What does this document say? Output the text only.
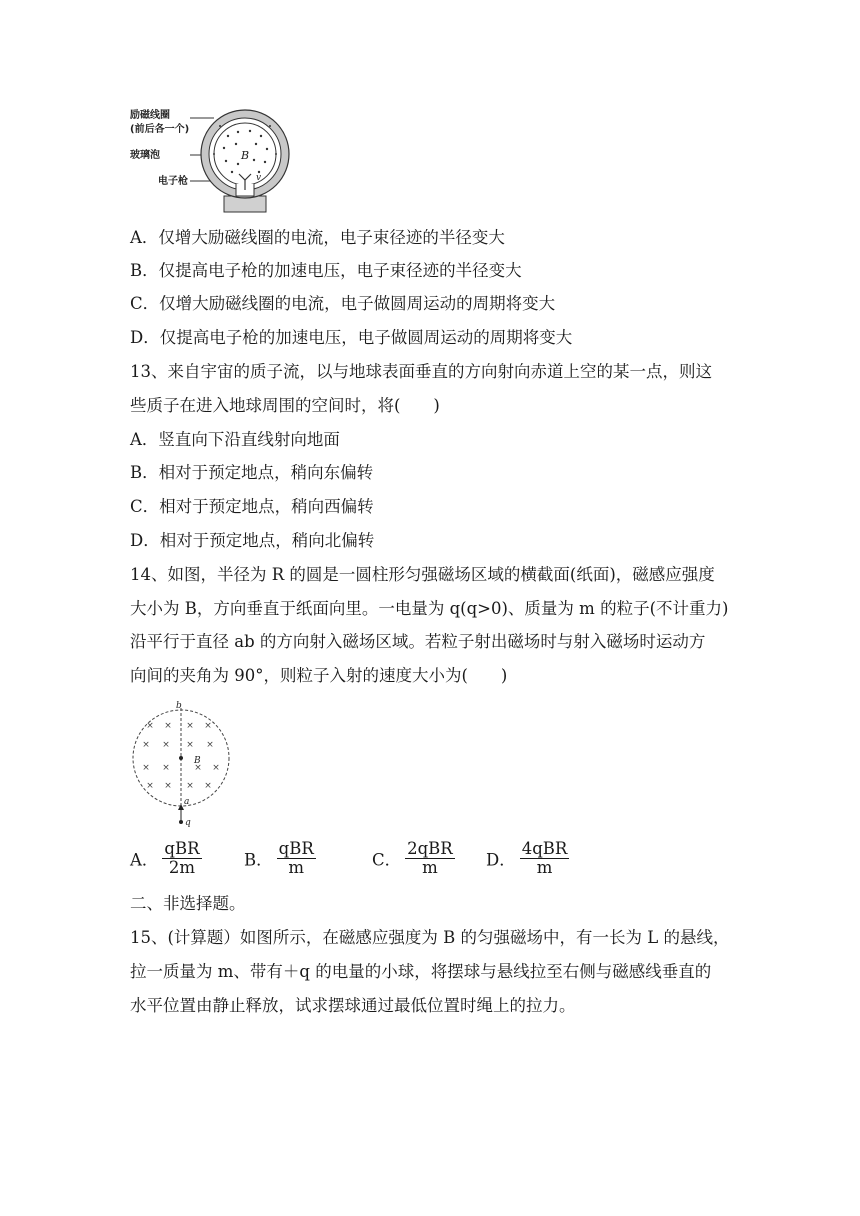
励磁线圈
(前后各一个)
玻璃泡
电子枪
B
v
A．仅增大励磁线圈的电流，电子束径迹的半径变大
B．仅提高电子枪的加速电压，电子束径迹的半径变大
C．仅增大励磁线圈的电流，电子做圆周运动的周期将变大
D．仅提高电子枪的加速电压，电子做圆周运动的周期将变大
13、来自宇宙的质子流，以与地球表面垂直的方向射向赤道上空的某一点，则这
些质子在进入地球周围的空间时，将(　　)
A．竖直向下沿直线射向地面
B．相对于预定地点，稍向东偏转
C．相对于预定地点，稍向西偏转
D．相对于预定地点，稍向北偏转
14、如图，半径为 R 的圆是一圆柱形匀强磁场区域的横截面(纸面)，磁感应强度
大小为 B，方向垂直于纸面向里。一电量为 q(q>0)、质量为 m 的粒子(不计重力)
沿平行于直径 ab 的方向射入磁场区域。若粒子射出磁场时与射入磁场时运动方
向间的夹角为 90°，则粒子入射的速度大小为(　　)
× × × ×
× × × ×
× ×	× ×
× × × ×
b
B
a
q
A． $\frac{\text{qBR}}{2m}$	B． $\frac{\text{qBR}}{m}$	C． $\frac{\text{2qBR}}{m}$ D． $\frac{\text{4qBR}}{m}$
二、非选择题。
15、(计算题）如图所示，在磁感应强度为 B 的匀强磁场中，有一长为 L 的悬线，
拉一质量为 m、带有＋q 的电量的小球，将摆球与悬线拉至右侧与磁感线垂直的
水平位置由静止释放，试求摆球通过最低位置时绳上的拉力。
